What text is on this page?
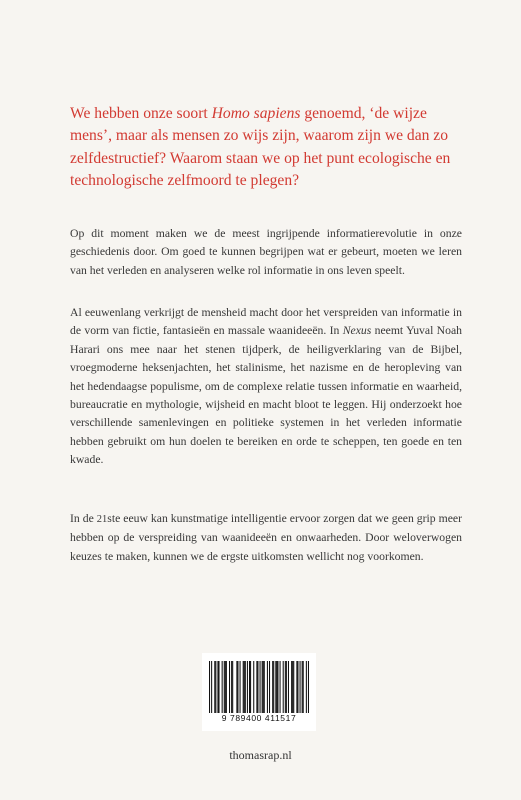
We hebben onze soort Homo sapiens genoemd, ‘de wijze mens’, maar als mensen zo wijs zijn, waarom zijn we dan zo zelfdestructief? Waarom staan we op het punt ecologische en technologische zelfmoord te plegen?

Op dit moment maken we de meest ingrijpende informatierevolutie in onze geschiedenis door. Om goed te kunnen begrijpen wat er gebeurt, moeten we leren van het verleden en analyseren welke rol informatie in ons leven speelt.

Al eeuwenlang verkrijgt de mensheid macht door het verspreiden van informatie in de vorm van fictie, fantasieën en massale waanideeën. In Nexus neemt Yuval Noah Harari ons mee naar het stenen tijdperk, de heiligverklaring van de Bijbel, vroegmoderne heksenjachten, het stalinisme, het nazisme en de heropleving van het hedendaagse populisme, om de complexe relatie tussen informatie en waarheid, bureaucratie en mythologie, wijsheid en macht bloot te leggen. Hij onderzoekt hoe verschillende samenlevingen en politieke systemen in het verleden informatie hebben gebruikt om hun doelen te bereiken en orde te scheppen, ten goede en ten kwade.

In de 21ste eeuw kan kunstmatige intelligentie ervoor zorgen dat we geen grip meer hebben op de verspreiding van waanideeën en onwaarheden. Door weloverwogen keuzes te maken, kunnen we de ergste uitkomsten wellicht nog voorkomen.

9 789400 411517
thomasrap.nl
